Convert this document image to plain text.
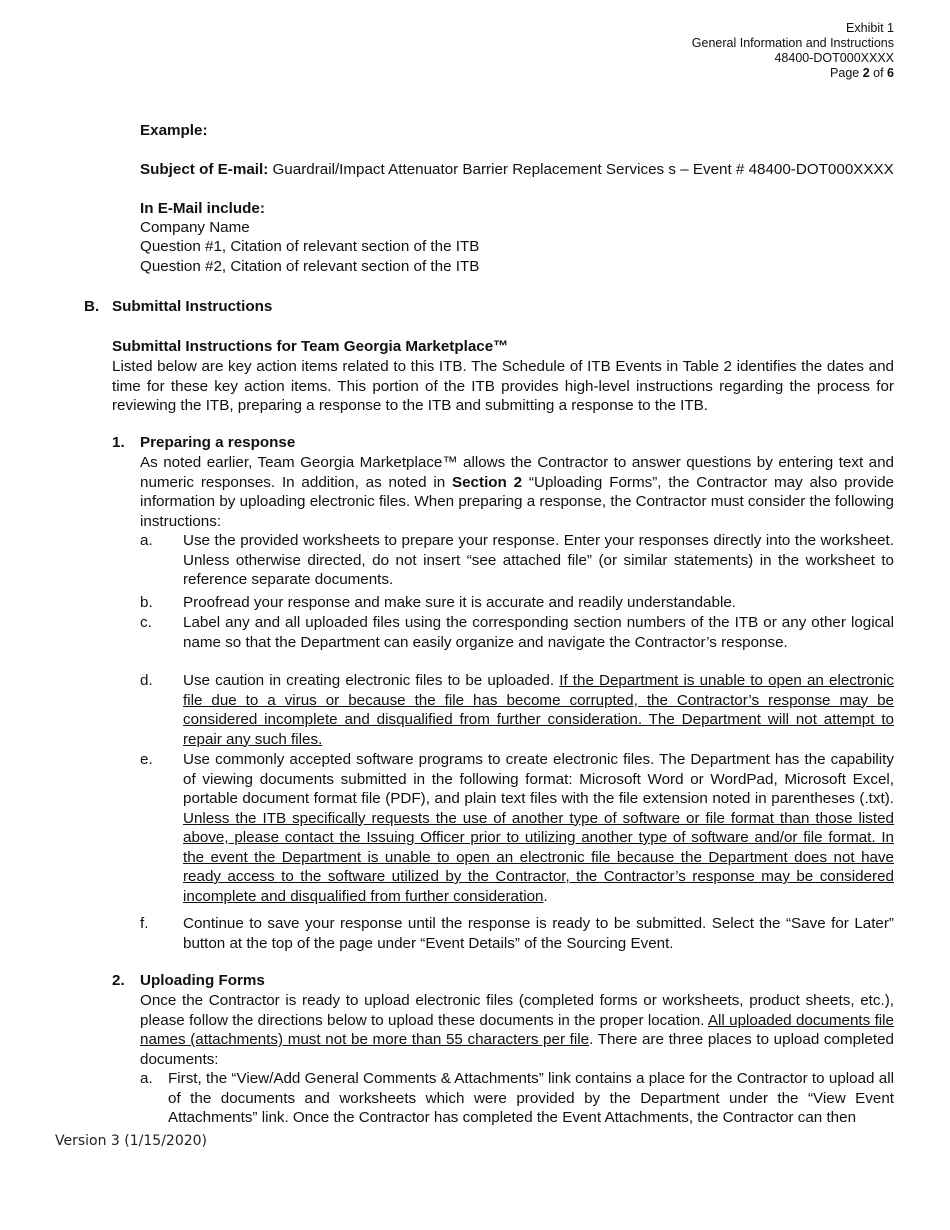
Exhibit 1
General Information and Instructions
48400-DOT000XXXX
Page 2 of 6
Example:
Subject of E-mail: Guardrail/Impact Attenuator Barrier Replacement Services s – Event # 48400-DOT000XXXX
In E-Mail include:
Company Name
Question #1, Citation of relevant section of the ITB
Question #2, Citation of relevant section of the ITB
B. Submittal Instructions
Submittal Instructions for Team Georgia Marketplace™
Listed below are key action items related to this ITB. The Schedule of ITB Events in Table 2 identifies the dates and time for these key action items. This portion of the ITB provides high-level instructions regarding the process for reviewing the ITB, preparing a response to the ITB and submitting a response to the ITB.
1. Preparing a response
As noted earlier, Team Georgia Marketplace™ allows the Contractor to answer questions by entering text and numeric responses. In addition, as noted in Section 2 “Uploading Forms”, the Contractor may also provide information by uploading electronic files. When preparing a response, the Contractor must consider the following instructions:
a. Use the provided worksheets to prepare your response. Enter your responses directly into the worksheet. Unless otherwise directed, do not insert “see attached file” (or similar statements) in the worksheet to reference separate documents.
b. Proofread your response and make sure it is accurate and readily understandable.
c. Label any and all uploaded files using the corresponding section numbers of the ITB or any other logical name so that the Department can easily organize and navigate the Contractor’s response.
d. Use caution in creating electronic files to be uploaded. If the Department is unable to open an electronic file due to a virus or because the file has become corrupted, the Contractor’s response may be considered incomplete and disqualified from further consideration. The Department will not attempt to repair any such files.
e. Use commonly accepted software programs to create electronic files. The Department has the capability of viewing documents submitted in the following format: Microsoft Word or WordPad, Microsoft Excel, portable document format file (PDF), and plain text files with the file extension noted in parentheses (.txt). Unless the ITB specifically requests the use of another type of software or file format than those listed above, please contact the Issuing Officer prior to utilizing another type of software and/or file format. In the event the Department is unable to open an electronic file because the Department does not have ready access to the software utilized by the Contractor, the Contractor’s response may be considered incomplete and disqualified from further consideration.
f. Continue to save your response until the response is ready to be submitted. Select the “Save for Later” button at the top of the page under “Event Details” of the Sourcing Event.
2. Uploading Forms
Once the Contractor is ready to upload electronic files (completed forms or worksheets, product sheets, etc.), please follow the directions below to upload these documents in the proper location. All uploaded documents file names (attachments) must not be more than 55 characters per file. There are three places to upload completed documents:
a. First, the “View/Add General Comments & Attachments” link contains a place for the Contractor to upload all of the documents and worksheets which were provided by the Department under the “View Event Attachments” link. Once the Contractor has completed the Event Attachments, the Contractor can then
Version 3 (1/15/2020)
